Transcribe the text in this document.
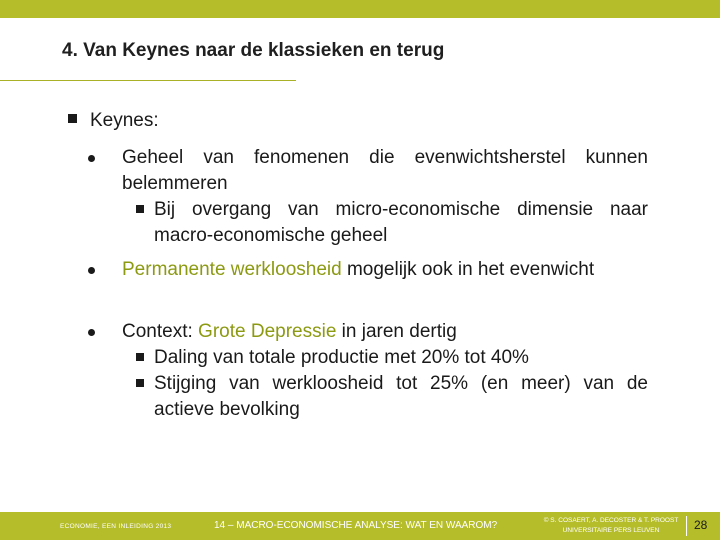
4. Van Keynes naar de klassieken en terug
Keynes:
Geheel van fenomenen die evenwichtsherstel kunnen belemmeren
Bij overgang van micro-economische dimensie naar macro-economische geheel
Permanente werkloosheid mogelijk ook in het evenwicht
Context: Grote Depressie in jaren dertig
Daling van totale productie met 20% tot 40%
Stijging van werkloosheid tot 25% (en meer) van de actieve bevolking
ECONOMIE, EEN INLEIDING 2013	14 – MACRO-ECONOMISCHE ANALYSE: WAT EN WAAROM?	© S. COSAERT, A. DECOSTER & T. PROOST
UNIVERSITAIRE PERS LEUVEN	28
